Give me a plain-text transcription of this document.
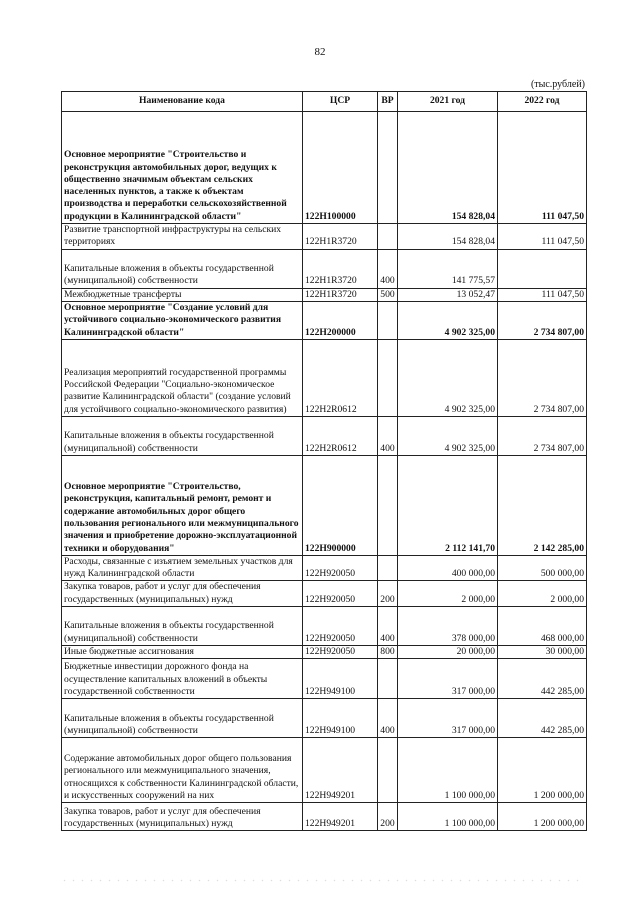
82
(тыс.рублей)
Наименование кода	ЦСР	ВР	2021 год	2022 год
Основное мероприятие "Строительство и реконструкция автомобильных дорог, ведущих к общественно значимым объектам сельских населенных пунктов, а также к объектам производства и переработки сельскохозяйственной продукции в Калининградской области"	122H100000		154 828,04	111 047,50
Развитие транспортной инфраструктуры на сельских территориях	122H1R3720		154 828,04	111 047,50
Капитальные вложения в объекты государственной (муниципальной) собственности	122H1R3720	400	141 775,57	
Межбюджетные трансферты	122H1R3720	500	13 052,47	111 047,50
Основное мероприятие "Создание условий для устойчивого социально-экономического развития Калининградской области"	122H200000		4 902 325,00	2 734 807,00
Реализация мероприятий государственной программы Российской Федерации "Социально-экономическое развитие Калининградской области" (создание условий для устойчивого социально-экономического развития)	122H2R0612		4 902 325,00	2 734 807,00
Капитальные вложения в объекты государственной (муниципальной) собственности	122H2R0612	400	4 902 325,00	2 734 807,00
Основное мероприятие "Строительство, реконструкция, капитальный ремонт, ремонт и содержание автомобильных дорог общего пользования регионального или межмуниципального значения и приобретение дорожно-эксплуатационной техники и оборудования"	122H900000		2 112 141,70	2 142 285,00
Расходы, связанные с изъятием земельных участков для нужд Калининградской области	122H920050		400 000,00	500 000,00
Закупка товаров, работ и услуг для обеспечения государственных (муниципальных) нужд	122H920050	200	2 000,00	2 000,00
Капитальные вложения в объекты государственной (муниципальной) собственности	122H920050	400	378 000,00	468 000,00
Иные бюджетные ассигнования	122H920050	800	20 000,00	30 000,00
Бюджетные инвестиции дорожного фонда на осуществление капитальных вложений в объекты государственной собственности	122H949100		317 000,00	442 285,00
Капитальные вложения в объекты государственной (муниципальной) собственности	122H949100	400	317 000,00	442 285,00
Содержание автомобильных дорог общего пользования регионального или межмуниципального значения, относящихся к собственности Калининградской области, и искусственных сооружений на них	122H949201		1 100 000,00	1 200 000,00
Закупка товаров, работ и услуг для обеспечения государственных (муниципальных) нужд	122H949201	200	1 100 000,00	1 200 000,00
